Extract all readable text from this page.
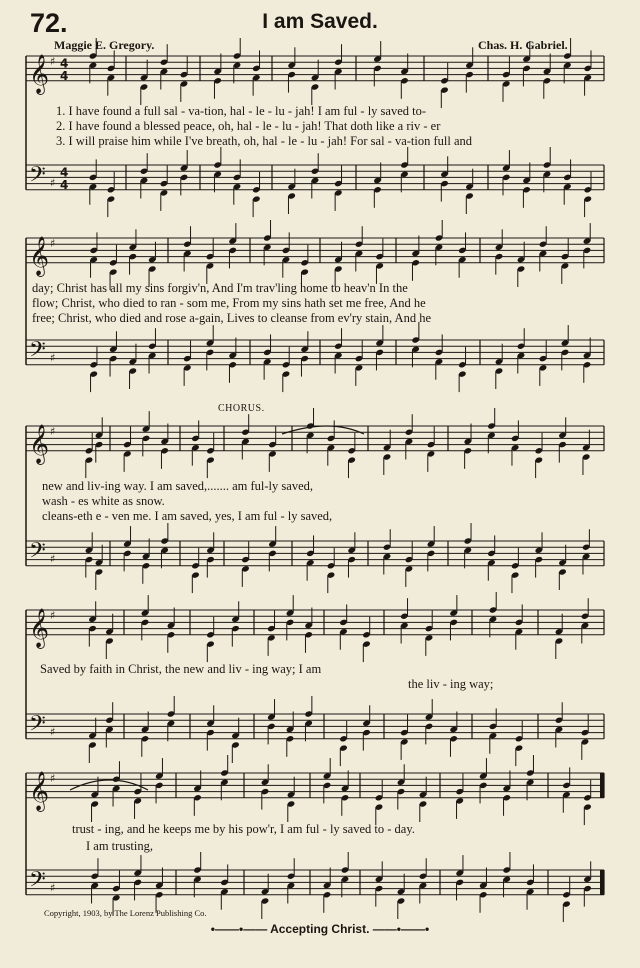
72.	I am Saved.
Maggie E. Gregory.	Chas. H. Gabriel.
𝄞 ♯ 4
4
𝄢 ♯
4
4
𝄞 ♯
𝄢 ♯
𝄞 ♯
𝄢 ♯
𝄞 ♯
𝄢 ♯
𝄞 ♯
𝄢 ♯
1. I have found a full sal - va-tion, hal - le - lu - jah! I am ful - ly saved to-
2. I have found a blessed peace, oh, hal - le - lu - jah! That doth like a riv - er
3. I will praise him while I've breath, oh, hal - le - lu - jah! For sal - va-tion full and
day; Christ has all my sins forgiv'n, And I'm trav'ling home to heav'n In the
flow; Christ, who died to ran - som me, From my sins hath set me free, And he
free; Christ, who died and rose a-gain, Lives to cleanse from ev'ry stain, And he
CHORUS.
new and liv-ing way. I am saved,....... am ful-ly saved,
wash - es white as snow.
cleans-eth e - ven me. I am saved, yes, I am ful - ly saved,
Saved by faith in Christ, the new and liv - ing way; I am
the liv - ing way;
trust - ing, and he keeps me by his pow'r, I am ful - ly saved to - day.
I am trusting,
Copyright, 1903, by The Lorenz Publishing Co.
•——•—— Accepting Christ. ——•——•
